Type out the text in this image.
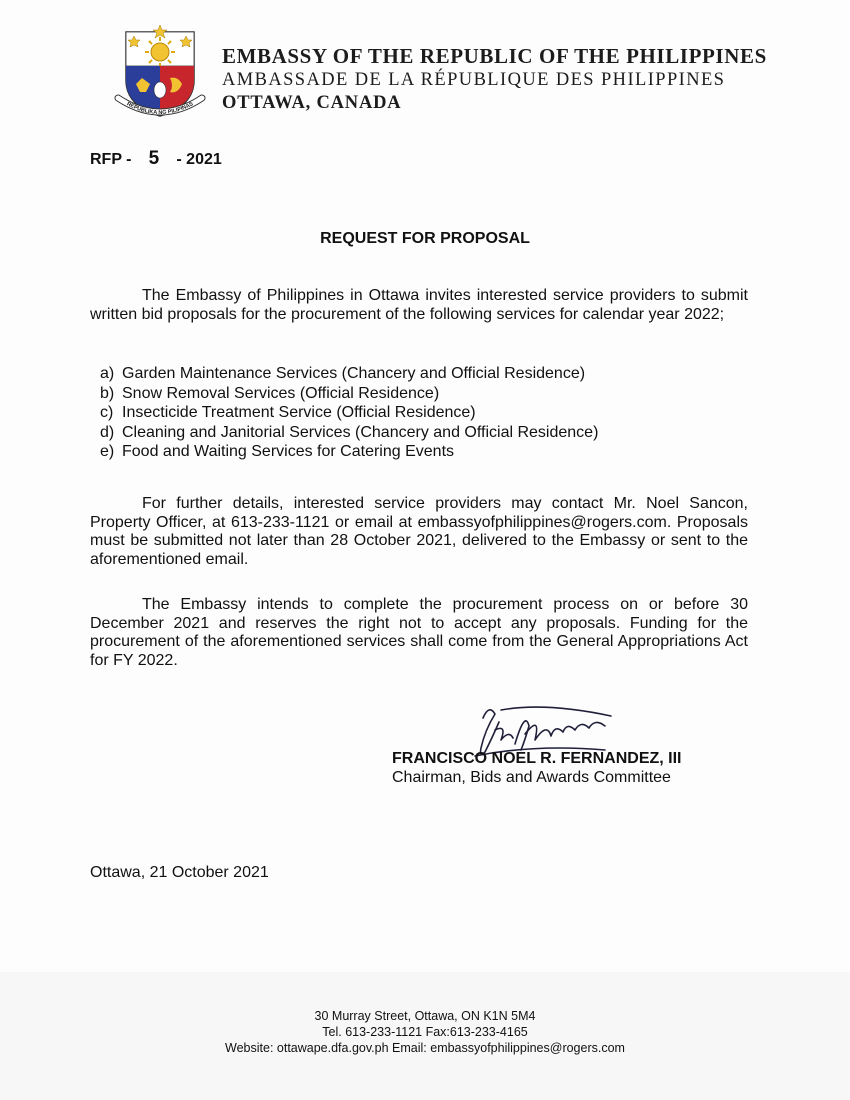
REPUBLIKA NG PILIPINAS
EMBASSY OF THE REPUBLIC OF THE PHILIPPINES
AMBASSADE DE LA RÉPUBLIQUE DES PHILIPPINES
OTTAWA, CANADA
RFP - 5 - 2021
REQUEST FOR PROPOSAL
The Embassy of Philippines in Ottawa invites interested service providers to submit written bid proposals for the procurement of the following services for calendar year 2022;
a) Garden Maintenance Services (Chancery and Official Residence)
b) Snow Removal Services (Official Residence)
c) Insecticide Treatment Service (Official Residence)
d) Cleaning and Janitorial Services (Chancery and Official Residence)
e) Food and Waiting Services for Catering Events
For further details, interested service providers may contact Mr. Noel Sancon, Property Officer, at 613-233-1121 or email at embassyofphilippines@rogers.com. Proposals must be submitted not later than 28 October 2021, delivered to the Embassy or sent to the aforementioned email.
The Embassy intends to complete the procurement process on or before 30 December 2021 and reserves the right not to accept any proposals. Funding for the procurement of the aforementioned services shall come from the General Appropriations Act for FY 2022.
FRANCISCO NOEL R. FERNANDEZ, III
Chairman, Bids and Awards Committee
Ottawa, 21 October 2021
30 Murray Street, Ottawa, ON K1N 5M4
Tel. 613-233-1121 Fax:613-233-4165
Website: ottawape.dfa.gov.ph Email: embassyofphilippines@rogers.com
